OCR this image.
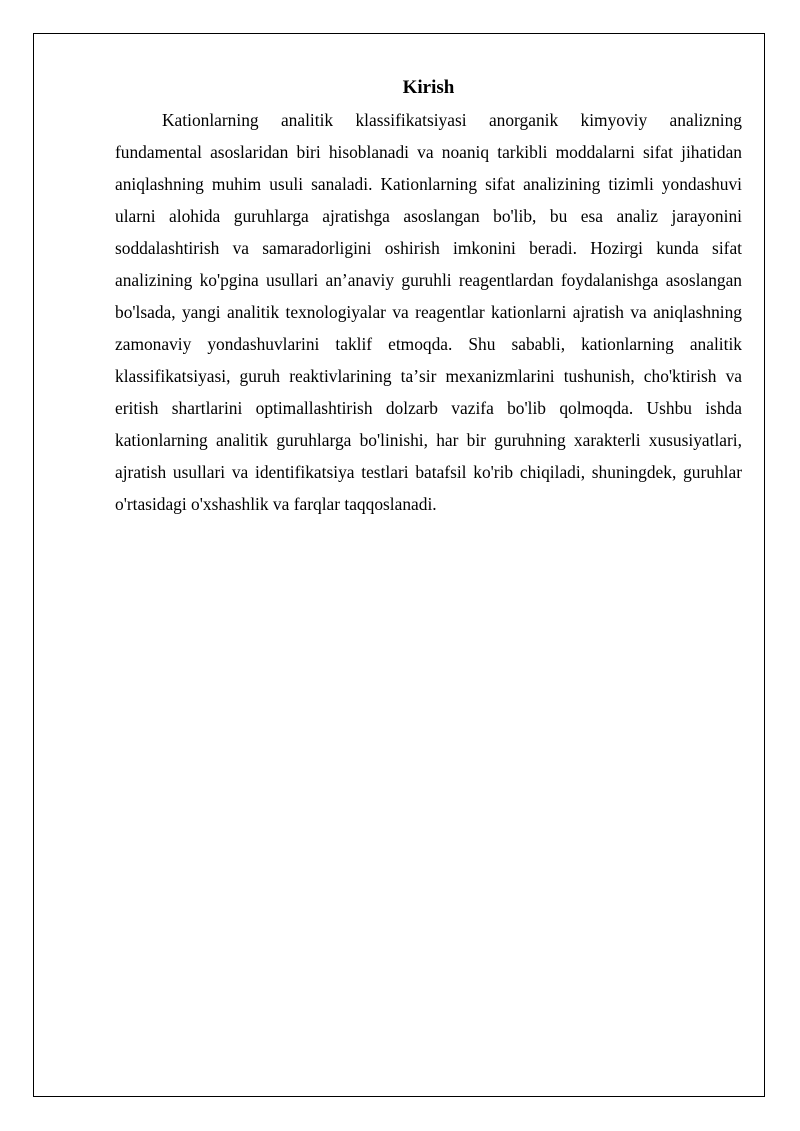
Kirish

Kationlarning analitik klassifikatsiyasi anorganik kimyoviy analizning fundamental asoslaridan biri hisoblanadi va noaniq tarkibli moddalarni sifat jihatidan aniqlashning muhim usuli sanaladi. Kationlarning sifat analizining tizimli yondashuvi ularni alohida guruhlarga ajratishga asoslangan bo'lib, bu esa analiz jarayonini soddalashtirish va samaradorligini oshirish imkonini beradi. Hozirgi kunda sifat analizining ko'pgina usullari an’anaviy guruhli reagentlardan foydalanishga asoslangan bo'lsada, yangi analitik texnologiyalar va reagentlar kationlarni ajratish va aniqlashning zamonaviy yondashuvlarini taklif etmoqda. Shu sababli, kationlarning analitik klassifikatsiyasi, guruh reaktivlarining taʼsir mexanizmlarini tushunish, cho'ktirish va eritish shartlarini optimallashtirish dolzarb vazifa bo'lib qolmoqda. Ushbu ishda kationlarning analitik guruhlarga bo'linishi, har bir guruhning xarakterli xususiyatlari, ajratish usullari va identifikatsiya testlari batafsil ko'rib chiqiladi, shuningdek, guruhlar o'rtasidagi o'xshashlik va farqlar taqqoslanadi.
